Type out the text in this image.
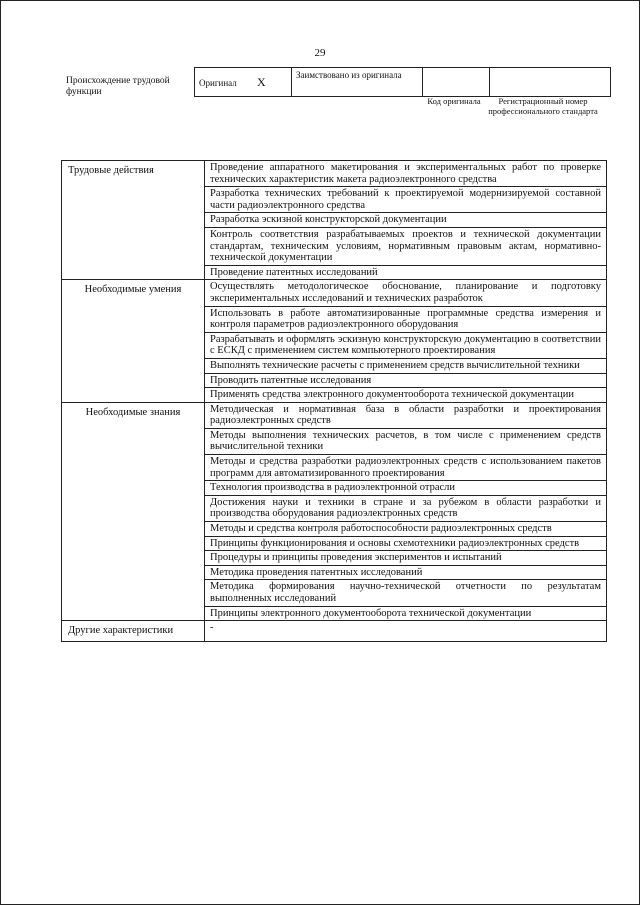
29
Происхождение трудовой функции
Оригинал X	Заимствовано из оригинала		
Код оригинала	Регистрационный номер профессионального стандарта
Трудовые действия	Проведение аппаратного макетирования и экспериментальных работ по проверке технических характеристик макета радиоэлектронного средства
	Разработка технических требований к проектируемой модернизируемой составной части радиоэлектронного средства
	Разработка эскизной конструкторской документации
	Контроль соответствия разрабатываемых проектов и технической документации стандартам, техническим условиям, нормативным правовым актам, нормативно-технической документации
	Проведение патентных исследований
Необходимые умения	Осуществлять методологическое обоснование, планирование и подготовку экспериментальных исследований и технических разработок
	Использовать в работе автоматизированные программные средства измерения и контроля параметров радиоэлектронного оборудования
	Разрабатывать и оформлять эскизную конструкторскую документацию в соответствии с ЕСКД с применением систем компьютерного проектирования
	Выполнять технические расчеты с применением средств вычислительной техники
	Проводить патентные исследования
	Применять средства электронного документооборота технической документации
Необходимые знания	Методическая и нормативная база в области разработки и проектирования радиоэлектронных средств
	Методы выполнения технических расчетов, в том числе с применением средств вычислительной техники
	Методы и средства разработки радиоэлектронных средств с использованием пакетов программ для автоматизированного проектирования
	Технология производства в радиоэлектронной отрасли
	Достижения науки и техники в стране и за рубежом в области разработки и производства оборудования радиоэлектронных средств
	Методы и средства контроля работоспособности радиоэлектронных средств
	Принципы функционирования и основы схемотехники радиоэлектронных средств
	Процедуры и принципы проведения экспериментов и испытаний
	Методика проведения патентных исследований
	Методика формирования научно-технической отчетности по результатам выполненных исследований
	Принципы электронного документооборота технической документации
Другие характеристики	-
